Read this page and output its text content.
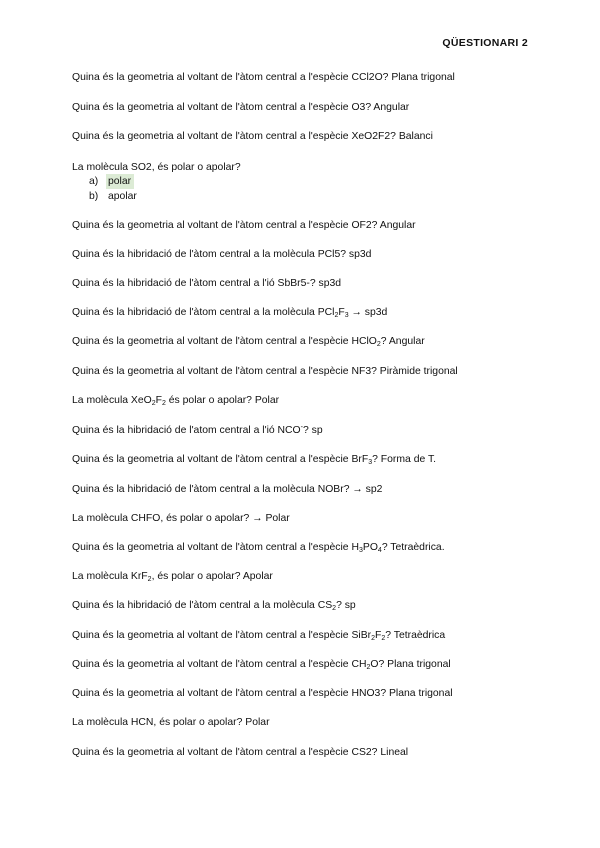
QÜESTIONARI 2
Quina és la geometria al voltant de l'àtom central a l'espècie CCl2O? Plana trigonal
Quina és la geometria al voltant de l'àtom central a l'espècie O3? Angular
Quina és la geometria al voltant de l'àtom central a l'espècie XeO2F2? Balanci
La molècula SO2, és polar o apolar?
a) polar
b) apolar
Quina és la geometria al voltant de l'àtom central a l'espècie OF2? Angular
Quina és la hibridació de l'àtom central a la molècula PCl5? sp3d
Quina és la hibridació de l'àtom central a l'ió SbBr5-? sp3d
Quina és la hibridació de l'àtom central a la molècula $PCl_2F_3 \to sp3d$
Quina és la geometria al voltant de l'àtom central a l'espècie HClO$_2$? Angular
Quina és la geometria al voltant de l'àtom central a l'espècie NF3? Piràmide trigonal
La molècula $XeO_2F_2$ és polar o apolar? Polar
Quina és la hibridació de l'atom central a l'ió NCO-? sp
Quina és la geometria al voltant de l'àtom central a l'espècie BrF$_3$? Forma de T.
Quina és la hibridació de l'àtom central a la molècula NOBr? → sp2
La molècula CHFO, és polar o apolar? → Polar
Quina és la geometria al voltant de l'àtom central a l'espècie $H_3PO_4$? Tetraèdrica.
La molècula KrF$_2$, és polar o apolar? Apolar
Quina és la hibridació de l'àtom central a la molècula $CS_2$? sp
Quina és la geometria al voltant de l'àtom central a l'espècie $SiBr_2F_2$? Tetraèdrica
Quina és la geometria al voltant de l'àtom central a l'espècie $CH_2O$? Plana trigonal
Quina és la geometria al voltant de l'àtom central a l'espècie HNO3? Plana trigonal
La molècula HCN, és polar o apolar? Polar
Quina és la geometria al voltant de l'àtom central a l'espècie CS2? Lineal
